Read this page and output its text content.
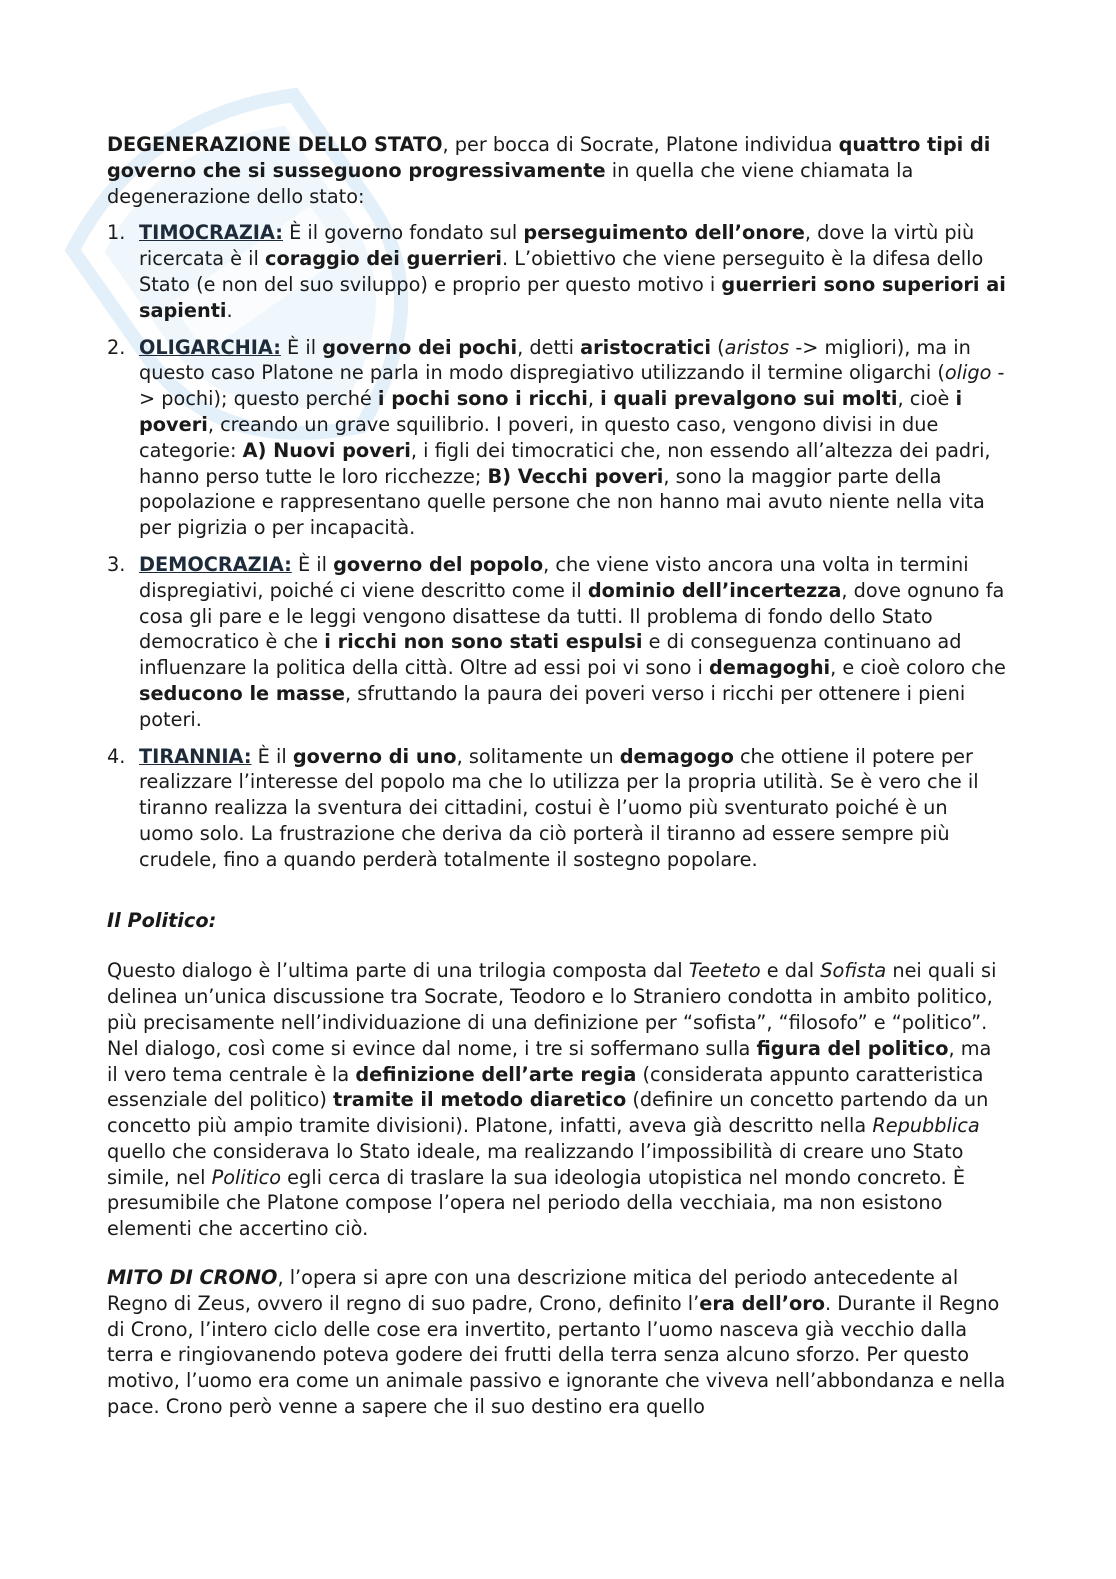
DEGENERAZIONE DELLO STATO, per bocca di Socrate, Platone individua quattro tipi di governo che si susseguono progressivamente in quella che viene chiamata la degenerazione dello stato:

1. TIMOCRAZIA: È il governo fondato sul perseguimento dell’onore, dove la virtù più ricercata è il coraggio dei guerrieri. L’obiettivo che viene perseguito è la difesa dello Stato (e non del suo sviluppo) e proprio per questo motivo i guerrieri sono superiori ai sapienti.
2. OLIGARCHIA: È il governo dei pochi, detti aristocratici (aristos -> migliori), ma in questo caso Platone ne parla in modo dispregiativo utilizzando il termine oligarchi (oligo -> pochi); questo perché i pochi sono i ricchi, i quali prevalgono sui molti, cioè i poveri, creando un grave squilibrio. I poveri, in questo caso, vengono divisi in due categorie: A) Nuovi poveri, i figli dei timocratici che, non essendo all’altezza dei padri, hanno perso tutte le loro ricchezze; B) Vecchi poveri, sono la maggior parte della popolazione e rappresentano quelle persone che non hanno mai avuto niente nella vita per pigrizia o per incapacità.
3. DEMOCRAZIA: È il governo del popolo, che viene visto ancora una volta in termini dispregiativi, poiché ci viene descritto come il dominio dell’incertezza, dove ognuno fa cosa gli pare e le leggi vengono disattese da tutti. Il problema di fondo dello Stato democratico è che i ricchi non sono stati espulsi e di conseguenza continuano ad influenzare la politica della città. Oltre ad essi poi vi sono i demagoghi, e cioè coloro che seducono le masse, sfruttando la paura dei poveri verso i ricchi per ottenere i pieni poteri.
4. TIRANNIA: È il governo di uno, solitamente un demagogo che ottiene il potere per realizzare l’interesse del popolo ma che lo utilizza per la propria utilità. Se è vero che il tiranno realizza la sventura dei cittadini, costui è l’uomo più sventurato poiché è un uomo solo. La frustrazione che deriva da ciò porterà il tiranno ad essere sempre più crudele, fino a quando perderà totalmente il sostegno popolare.

Il Politico:

Questo dialogo è l’ultima parte di una trilogia composta dal Teeteto e dal Sofista nei quali si delinea un’unica discussione tra Socrate, Teodoro e lo Straniero condotta in ambito politico, più precisamente nell’individuazione di una definizione per “sofista”, “filosofo” e “politico”. Nel dialogo, così come si evince dal nome, i tre si soffermano sulla figura del politico, ma il vero tema centrale è la definizione dell’arte regia (considerata appunto caratteristica essenziale del politico) tramite il metodo diaretico (definire un concetto partendo da un concetto più ampio tramite divisioni). Platone, infatti, aveva già descritto nella Repubblica quello che considerava lo Stato ideale, ma realizzando l’impossibilità di creare uno Stato simile, nel Politico egli cerca di traslare la sua ideologia utopistica nel mondo concreto. È presumibile che Platone compose l’opera nel periodo della vecchiaia, ma non esistono elementi che accertino ciò.

MITO DI CRONO, l’opera si apre con una descrizione mitica del periodo antecedente al Regno di Zeus, ovvero il regno di suo padre, Crono, definito l’era dell’oro. Durante il Regno di Crono, l’intero ciclo delle cose era invertito, pertanto l’uomo nasceva già vecchio dalla terra e ringiovanendo poteva godere dei frutti della terra senza alcuno sforzo. Per questo motivo, l’uomo era come un animale passivo e ignorante che viveva nell’abbondanza e nella pace. Crono però venne a sapere che il suo destino era quello
